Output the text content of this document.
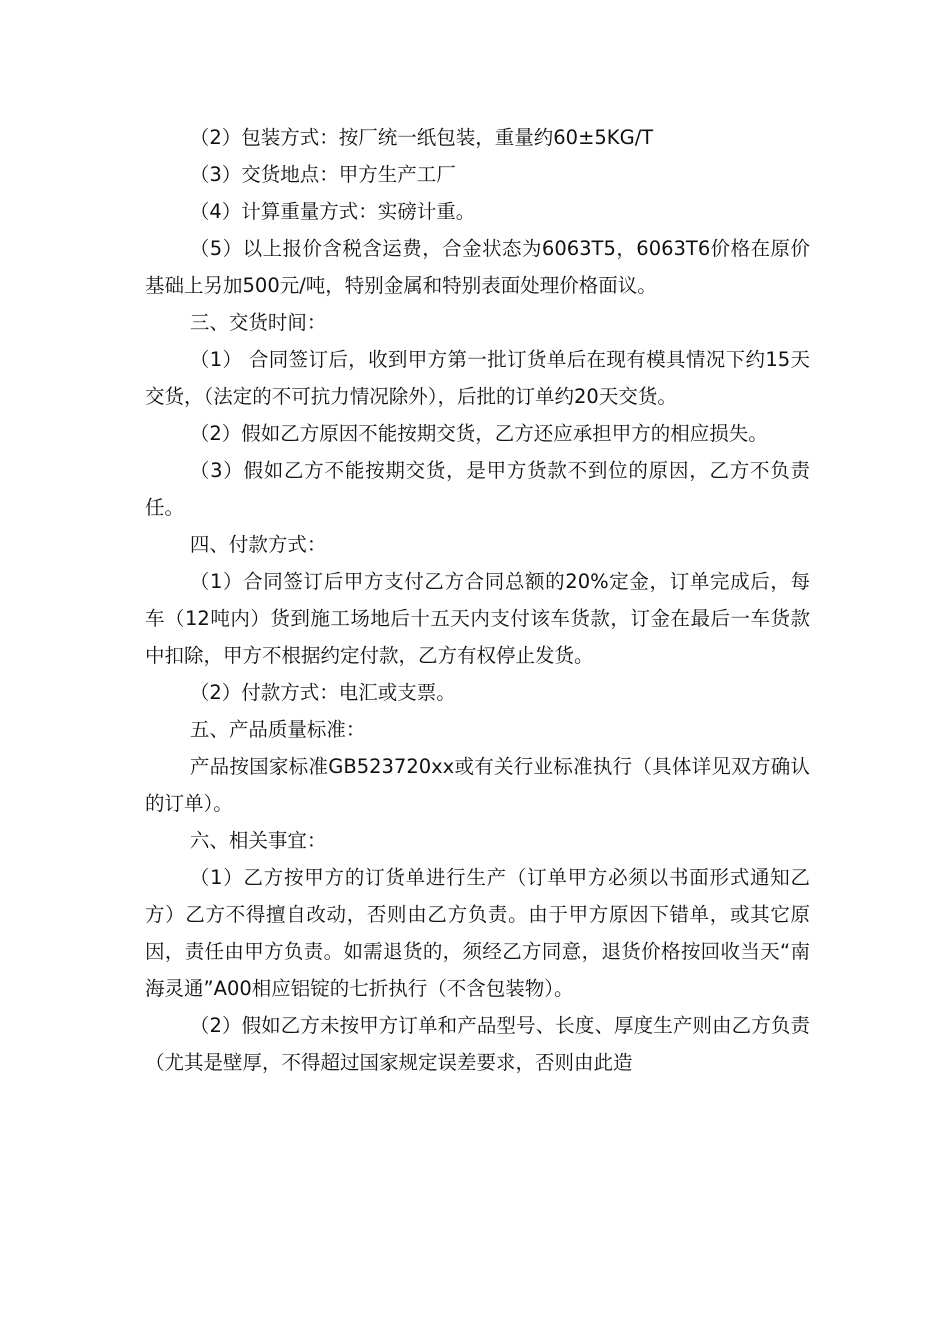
（2）包装方式：按厂统一纸包装，重量约60±5KG/T

（3）交货地点：甲方生产工厂

（4）计算重量方式：实磅计重。

（5）以上报价含税含运费，合金状态为6063T5，6063T6价格在原价基础上另加500元/吨，特别金属和特别表面处理价格面议。

三、交货时间：

（1） 合同签订后，收到甲方第一批订货单后在现有模具情况下约15天交货，（法定的不可抗力情况除外），后批的订单约20天交货。

（2）假如乙方原因不能按期交货，乙方还应承担甲方的相应损失。

（3）假如乙方不能按期交货，是甲方货款不到位的原因，乙方不负责任。

四、付款方式：

（1）合同签订后甲方支付乙方合同总额的20%定金，订单完成后，每车（12吨内）货到施工场地后十五天内支付该车货款，订金在最后一车货款中扣除，甲方不根据约定付款，乙方有权停止发货。

（2）付款方式：电汇或支票。

五、产品质量标准：

产品按国家标准GB523720xx或有关行业标准执行（具体详见双方确认的订单）。

六、相关事宜：

（1）乙方按甲方的订货单进行生产（订单甲方必须以书面形式通知乙方）乙方不得擅自改动，否则由乙方负责。由于甲方原因下错单，或其它原因，责任由甲方负责。如需退货的，须经乙方同意，退货价格按回收当天“南海灵通”A00相应铝锭的七折执行（不含包装物）。

（2）假如乙方未按甲方订单和产品型号、长度、厚度生产则由乙方负责（尤其是壁厚，不得超过国家规定误差要求，否则由此造
